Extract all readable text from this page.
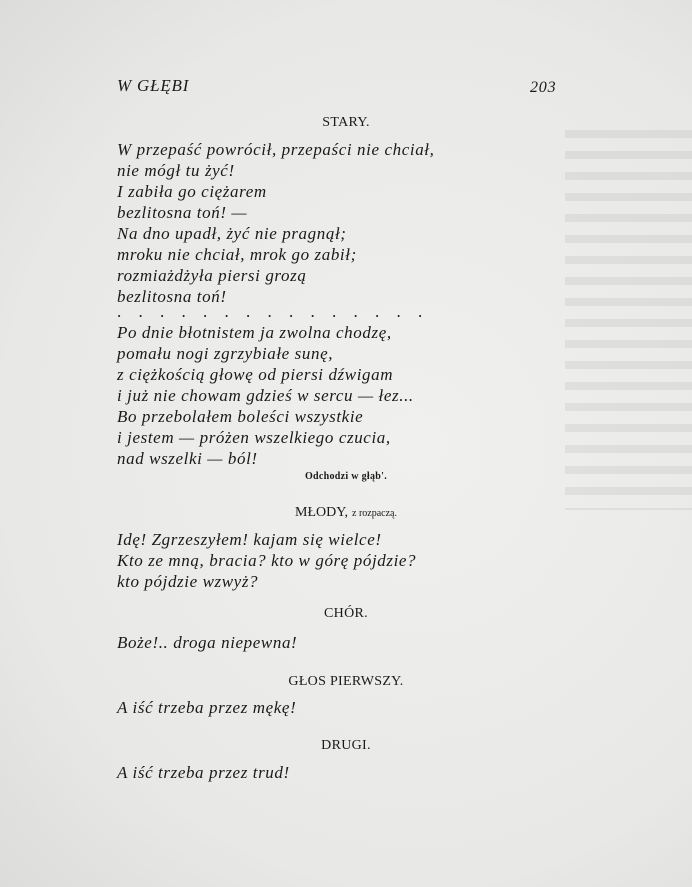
W GŁĘBI	203
STARY.
W przepaść powrócił, przepaści nie chciał,
nie mógł tu żyć!
I zabiła go ciężarem
bezlitosna toń! —
Na dno upadł, żyć nie pragnął;
mroku nie chciał, mrok go zabił;
rozmiażdżyła piersi grozą
bezlitosna toń!
. . . . . . . . . . . . . . .
Po dnie błotnistem ja zwolna chodzę,
pomału nogi zgrzybiałe sunę,
z ciężkością głowę od piersi dźwigam
i już nie chowam gdzieś w sercu — łez...
Bo przebolałem boleści wszystkie
i jestem — próżen wszelkiego czucia,
nad wszelki — ból!
Odchodzi w głąb'.
MŁODY, z rozpaczą.
Idę! Zgrzeszyłem! kajam się wielce!
Kto ze mną, bracia? kto w górę pójdzie?
kto pójdzie wzwyż?
CHÓR.
Boże!.. droga niepewna!
GŁOS PIERWSZY.
A iść trzeba przez mękę!
DRUGI.
A iść trzeba przez trud!
